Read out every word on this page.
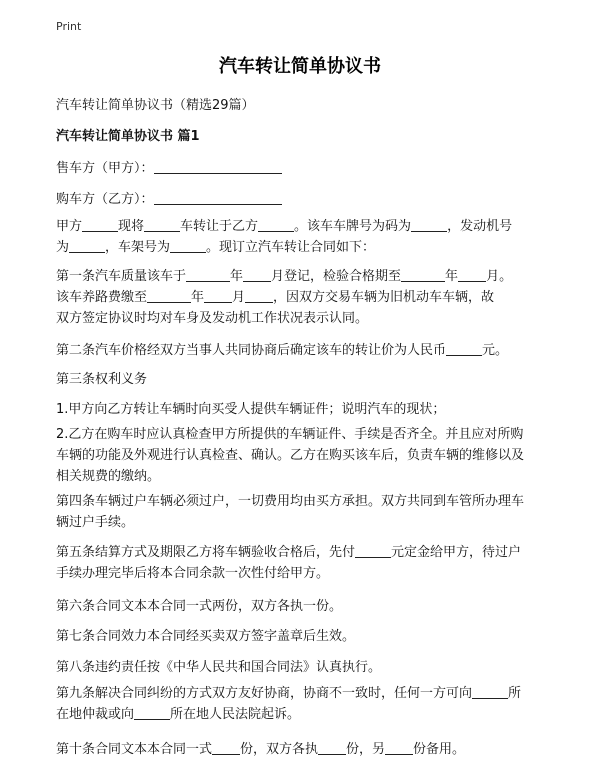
Print
汽车转让简单协议书
汽车转让简单协议书（精选29篇）
汽车转让简单协议书 篇1
售车方（甲方）：
购车方（乙方）：
甲方	现将	车转让于乙方	。该车车牌号为码为	，发动机号
为	，车架号为	。现订立汽车转让合同如下：
第一条汽车质量该车于	年 月登记，检验合格期至	年 月。
该车养路费缴至	年 月 ，因双方交易车辆为旧机动车车辆，故
双方签定协议时均对车身及发动机工作状况表示认同。
第二条汽车价格经双方当事人共同协商后确定该车的转让价为人民币	元。
第三条权利义务
1.甲方向乙方转让车辆时向买受人提供车辆证件；说明汽车的现状；
2.乙方在购车时应认真检查甲方所提供的车辆证件、手续是否齐全。并且应对所购
车辆的功能及外观进行认真检查、确认。乙方在购买该车后，负责车辆的维修以及
相关规费的缴纳。
第四条车辆过户车辆必须过户，一切费用均由买方承担。双方共同到车管所办理车
辆过户手续。
第五条结算方式及期限乙方将车辆验收合格后，先付	元定金给甲方，待过户
手续办理完毕后将本合同余款一次性付给甲方。
第六条合同文本本合同一式两份，双方各执一份。
第七条合同效力本合同经买卖双方签字盖章后生效。
第八条违约责任按《中华人民共和国合同法》认真执行。
第九条解决合同纠纷的方式双方友好协商，协商不一致时，任何一方可向	所
在地仲裁或向	所在地人民法院起诉。
第十条合同文本本合同一式 份，双方各执 份，另 份备用。
